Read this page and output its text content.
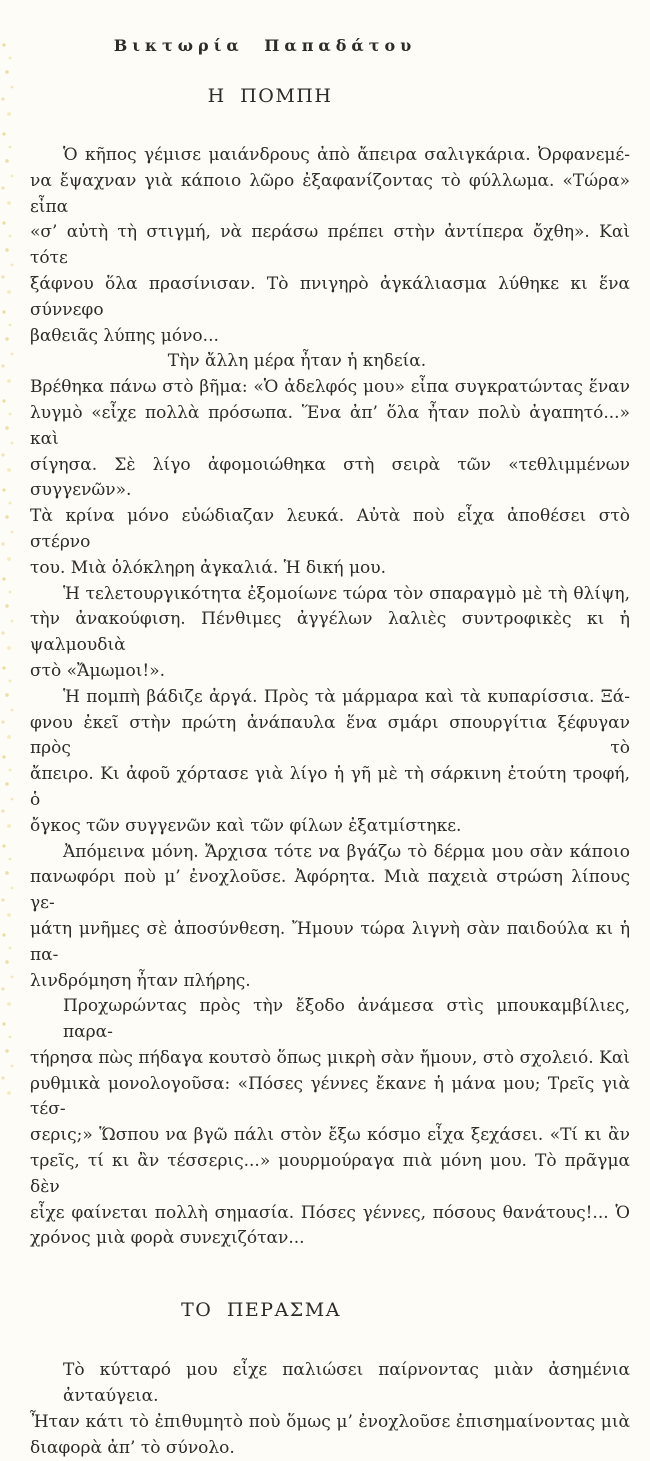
Βικτωρία Παπαδάτου
Η ΠΟΜΠΗ
Ὁ κῆπος γέμισε μαιάνδρους ἀπὸ ἄπειρα σαλιγκάρια. Ὀρφανεμέ-
να ἔψαχναν γιὰ κάποιο λῶρο ἐξαφανίζοντας τὸ φύλλωμα. «Τώρα» εἶπα
«σ’ αὐτὴ τὴ στιγμή, νὰ περάσω πρέπει στὴν ἀντίπερα ὄχθη». Καὶ τότε
ξάφνου ὅλα πρασίνισαν. Τὸ πνιγηρὸ ἀγκάλιασμα λύθηκε κι ἕνα σύννεφο
βαθειᾶς λύπης μόνο...
Τὴν ἄλλη μέρα ἦταν ἡ κηδεία.
Βρέθηκα πάνω στὸ βῆμα: «Ὁ ἀδελφός μου» εἶπα συγκρατώντας ἕναν
λυγμὸ «εἶχε πολλὰ πρόσωπα. Ἕνα ἀπ’ ὅλα ἦταν πολὺ ἀγαπητό...» καὶ
σίγησα. Σὲ λίγο ἀφομοιώθηκα στὴ σειρὰ τῶν «τεθλιμμένων συγγενῶν».
Τὰ κρίνα μόνο εὐώδιαζαν λευκά. Αὐτὰ ποὺ εἶχα ἀποθέσει στὸ στέρνο
του. Μιὰ ὁλόκληρη ἀγκαλιά. Ἡ δική μου.
Ἡ τελετουργικότητα ἐξομοίωνε τώρα τὸν σπαραγμὸ μὲ τὴ θλίψη,
τὴν ἀνακούφιση. Πένθιμες ἀγγέλων λαλιὲς συντροφικὲς κι ἡ ψαλμουδιὰ
στὸ «Ἄμωμοι!».
Ἡ πομπὴ βάδιζε ἀργά. Πρὸς τὰ μάρμαρα καὶ τὰ κυπαρίσσια. Ξά-
φνου ἐκεῖ στὴν πρώτη ἀνάπαυλα ἕνα σμάρι σπουργίτια ξέφυγαν πρὸς τὸ
ἄπειρο. Κι ἀφοῦ χόρτασε γιὰ λίγο ἡ γῆ μὲ τὴ σάρκινη ἐτούτη τροφή, ὁ
ὄγκος τῶν συγγενῶν καὶ τῶν φίλων ἐξατμίστηκε.
Ἀπόμεινα μόνη. Ἄρχισα τότε να βγάζω τὸ δέρμα μου σὰν κάποιο
πανωφόρι ποὺ μ’ ἐνοχλοῦσε. Ἀφόρητα. Μιὰ παχειὰ στρώση λίπους γε-
μάτη μνῆμες σὲ ἀποσύνθεση. Ἤμουν τώρα λιγνὴ σὰν παιδούλα κι ἡ πα-
λινδρόμηση ἦταν πλήρης.
Προχωρώντας πρὸς τὴν ἔξοδο ἀνάμεσα στὶς μπουκαμβίλιες, παρα-
τήρησα πὼς πήδαγα κουτσὸ ὅπως μικρὴ σὰν ἤμουν, στὸ σχολειό. Καὶ
ρυθμικὰ μονολογοῦσα: «Πόσες γέννες ἔκανε ἡ μάνα μου; Τρεῖς γιὰ τέσ-
σερις;» Ὥσπου να βγῶ πάλι στὸν ἔξω κόσμο εἶχα ξεχάσει. «Τί κι ἂν
τρεῖς, τί κι ἂν τέσσερις...» μουρμούραγα πιὰ μόνη μου. Τὸ πρᾶγμα δὲν
εἶχε φαίνεται πολλὴ σημασία. Πόσες γέννες, πόσους θανάτους!... Ὁ
χρόνος μιὰ φορὰ συνεχιζόταν...
ΤΟ ΠΕΡΑΣΜΑ
Τὸ κύτταρό μου εἶχε παλιώσει παίρνοντας μιὰν ἀσημένια ἀνταύγεια.
Ἦταν κάτι τὸ ἐπιθυμητὸ ποὺ ὅμως μ’ ἐνοχλοῦσε ἐπισημαίνοντας μιὰ
διαφορὰ ἀπ’ τὸ σύνολο.
